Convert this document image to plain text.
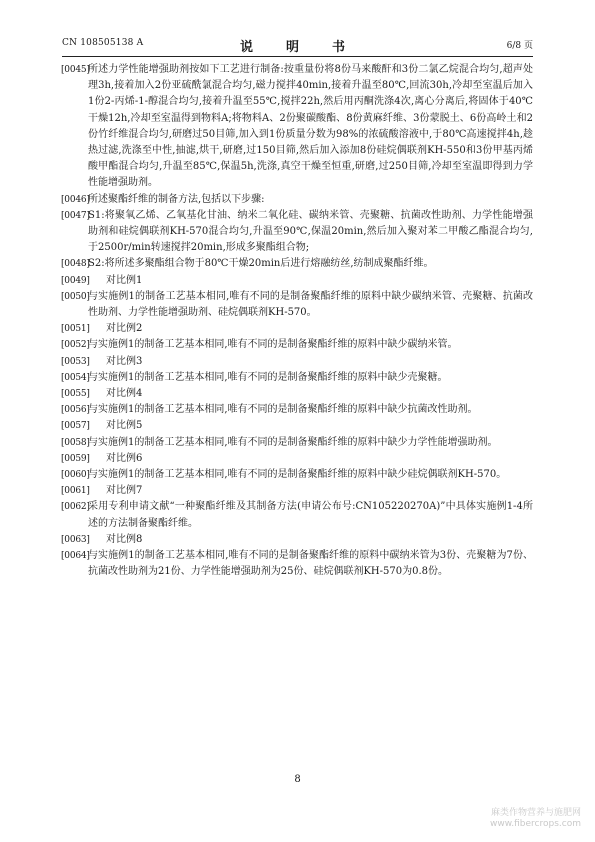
CN 108505138 A	说　明　书	6/8 页

[0045]
所述力学性能增强助剂按如下工艺进行制备:按重量份将8份马来酸酐和3份二氯乙烷混合均匀,超声处理3h,接着加入2份亚硫酰氯混合均匀,磁力搅拌40min,接着升温至80℃,回流30h,冷却至室温后加入1份2-丙烯-1-醇混合均匀,接着升温至55℃,搅拌22h,然后用丙酮洗涤4次,离心分离后,将固体于40℃干燥12h,冷却至室温得到物料A;将物料A、2份聚碳酸酯、8份黄麻纤维、3份蒙脱土、6份高岭土和2份竹纤维混合均匀,研磨过50目筛,加入到1份质量分数为98%的浓硫酸溶液中,于80℃高速搅拌4h,趁热过滤,洗涤至中性,抽滤,烘干,研磨,过150目筛,然后加入添加8份硅烷偶联剂KH-550和3份甲基丙烯酸甲酯混合均匀,升温至85℃,保温5h,洗涤,真空干燥至恒重,研磨,过250目筛,冷却至室温即得到力学性能增强助剂。

[0046]
所述聚酯纤维的制备方法,包括以下步骤:

[0047]
S1:将聚氧乙烯、乙氧基化甘油、纳米二氧化硅、碳纳米管、壳聚糖、抗菌改性助剂、力学性能增强助剂和硅烷偶联剂KH-570混合均匀,升温至90℃,保温20min,然后加入聚对苯二甲酸乙酯混合均匀,于2500r/min转速搅拌20min,形成多聚酯组合物;

[0048]
S2:将所述多聚酯组合物于80℃干燥20min后进行熔融纺丝,纺制成聚酯纤维。

[0049]	对比例1

[0050]
与实施例1的制备工艺基本相同,唯有不同的是制备聚酯纤维的原料中缺少碳纳米管、壳聚糖、抗菌改性助剂、力学性能增强助剂、硅烷偶联剂KH-570。

[0051]	对比例2

[0052]
与实施例1的制备工艺基本相同,唯有不同的是制备聚酯纤维的原料中缺少碳纳米管。

[0053]	对比例3

[0054]
与实施例1的制备工艺基本相同,唯有不同的是制备聚酯纤维的原料中缺少壳聚糖。

[0055]	对比例4

[0056]
与实施例1的制备工艺基本相同,唯有不同的是制备聚酯纤维的原料中缺少抗菌改性助剂。

[0057]	对比例5

[0058]
与实施例1的制备工艺基本相同,唯有不同的是制备聚酯纤维的原料中缺少力学性能增强助剂。

[0059]	对比例6

[0060]
与实施例1的制备工艺基本相同,唯有不同的是制备聚酯纤维的原料中缺少硅烷偶联剂KH-570。

[0061]	对比例7

[0062]
采用专利申请文献“一种聚酯纤维及其制备方法(申请公布号:CN105220270A)”中具体实施例1-4所述的方法制备聚酯纤维。

[0063]	对比例8

[0064]
与实施例1的制备工艺基本相同,唯有不同的是制备聚酯纤维的原料中碳纳米管为3份、壳聚糖为7份、抗菌改性助剂为21份、力学性能增强助剂为25份、硅烷偶联剂KH-570为0.8份。

8
麻类作物营养与施肥网
www.fibercrops.com
